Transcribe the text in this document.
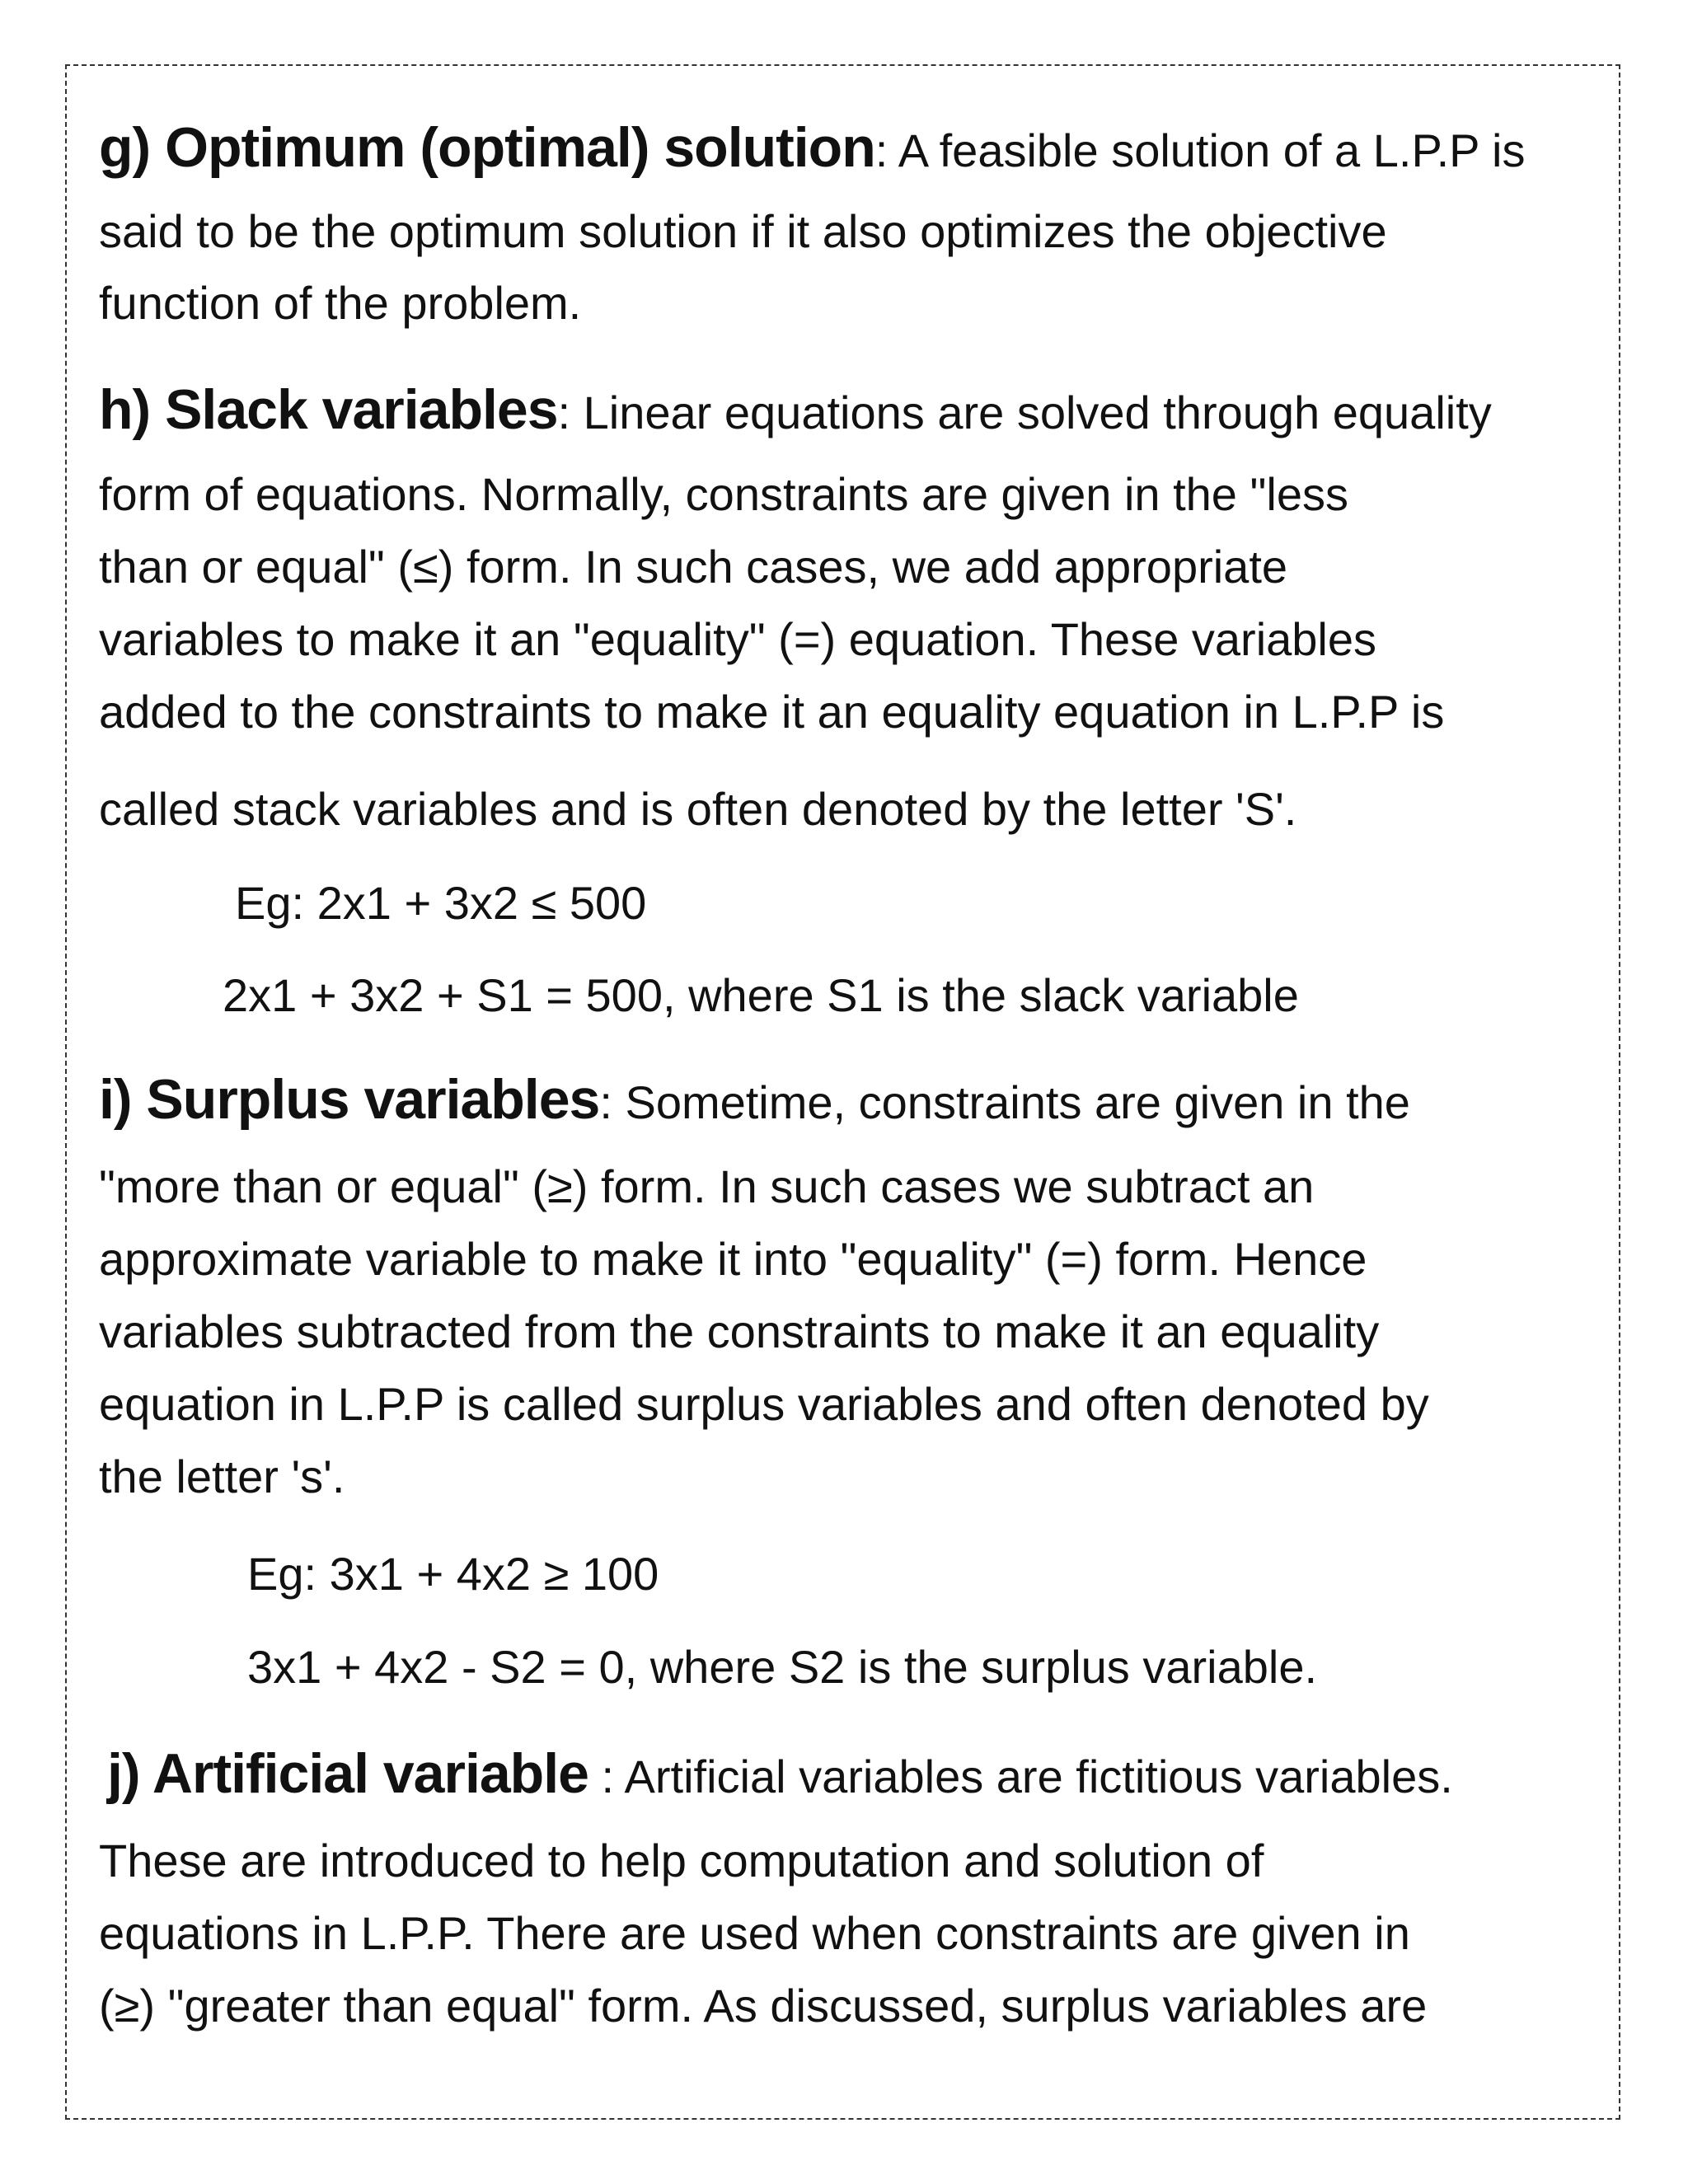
g) Optimum (optimal) solution: A feasible solution of a L.P.P is
said to be the optimum solution if it also optimizes the objective
function of the problem.
h) Slack variables: Linear equations are solved through equality
form of equations. Normally, constraints are given in the "less
than or equal" (≤) form. In such cases, we add appropriate
variables to make it an "equality" (=) equation. These variables
added to the constraints to make it an equality equation in L.P.P is
called stack variables and is often denoted by the letter 'S'.
Eg: 2x1 + 3x2 ≤ 500
2x1 + 3x2 + S1 = 500, where S1 is the slack variable
i) Surplus variables: Sometime, constraints are given in the
"more than or equal" (≥) form. In such cases we subtract an
approximate variable to make it into "equality" (=) form. Hence
variables subtracted from the constraints to make it an equality
equation in L.P.P is called surplus variables and often denoted by
the letter 's'.
Eg: 3x1 + 4x2 ≥ 100
3x1 + 4x2 - S2 = 0, where S2 is the surplus variable.
j) Artificial variable : Artificial variables are fictitious variables.
These are introduced to help computation and solution of
equations in L.P.P. There are used when constraints are given in
(≥) "greater than equal" form. As discussed, surplus variables are
